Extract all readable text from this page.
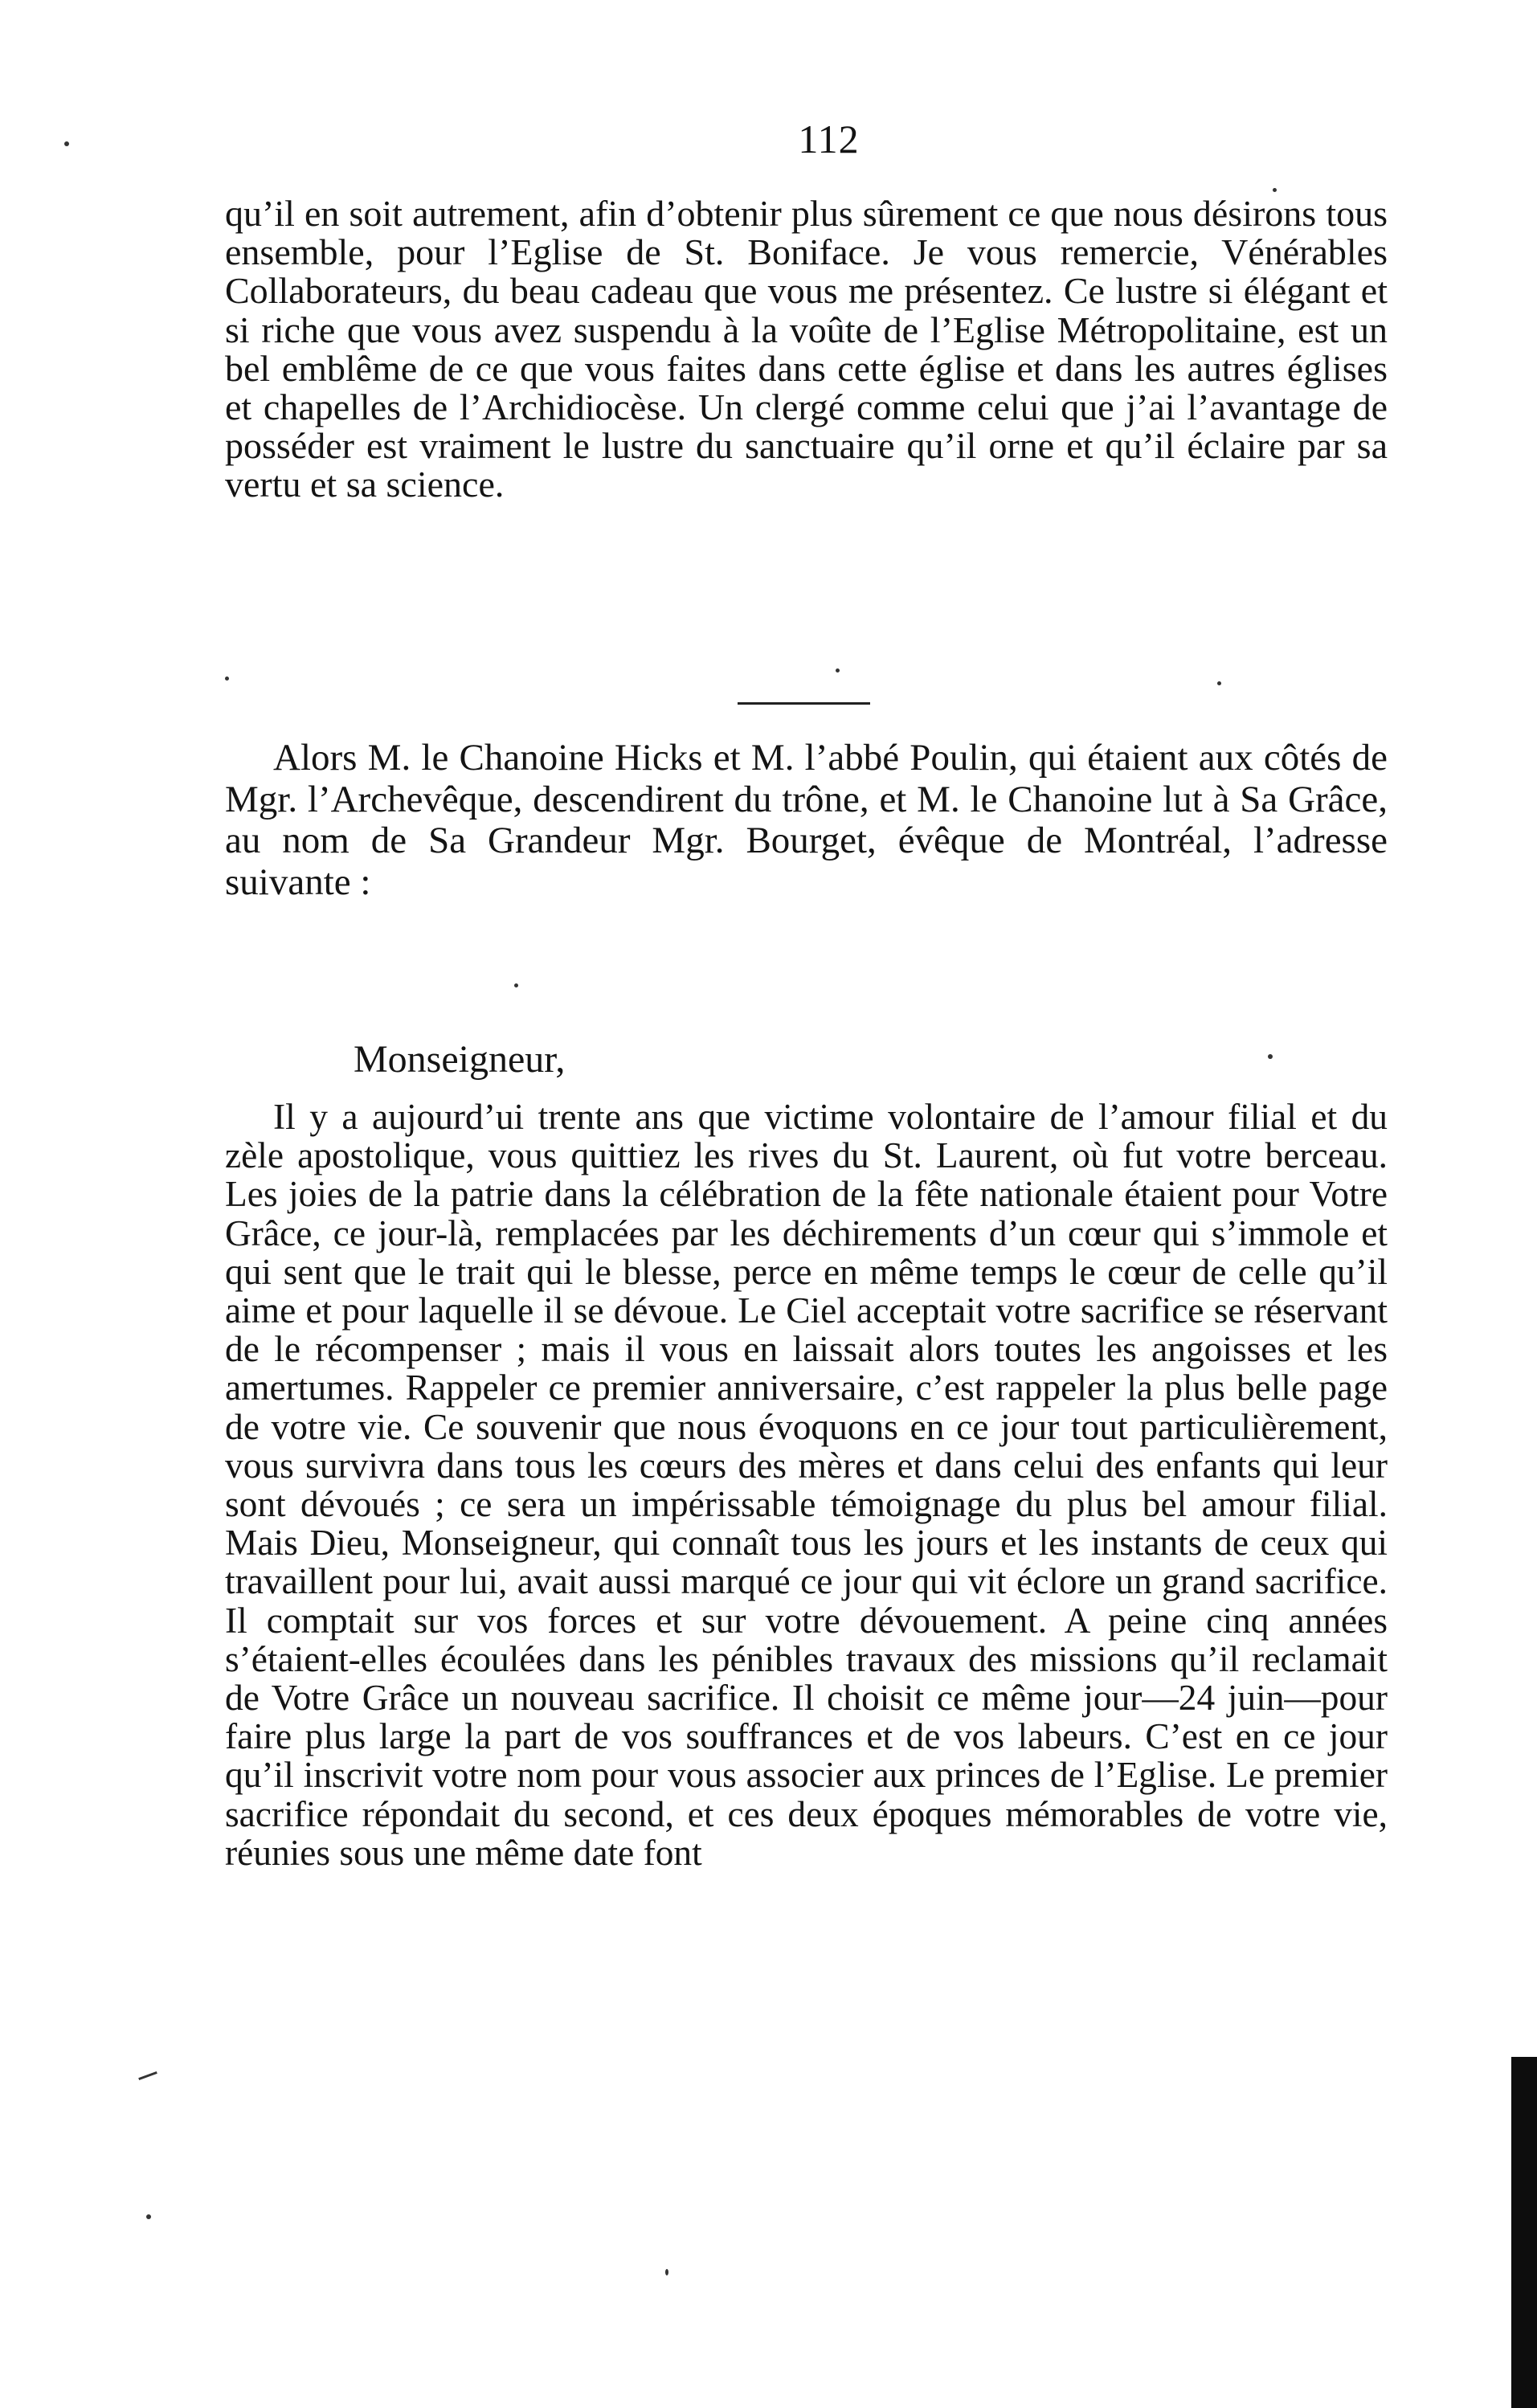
112

qu’il en soit autrement, afin d’obtenir plus sûrement ce que nous désirons tous ensemble, pour l’Eglise de St. Boniface. Je vous remercie, Vénérables Collaborateurs, du beau cadeau que vous me présentez. Ce lustre si élégant et si riche que vous avez suspendu à la voûte de l’Eglise Métropolitaine, est un bel emblême de ce que vous faites dans cette église et dans les autres églises et chapelles de l’Archidiocèse. Un clergé comme celui que j’ai l’avantage de posséder est vraiment le lustre du sanctuaire qu’il orne et qu’il éclaire par sa vertu et sa science.

Alors M. le Chanoine Hicks et M. l’abbé Poulin, qui étaient aux côtés de Mgr. l’Archevêque, descendirent du trône, et M. le Chanoine lut à Sa Grâce, au nom de Sa Grandeur Mgr. Bourget, évêque de Montréal, l’adresse suivante :

Monseigneur,

Il y a aujourd’ui trente ans que victime volontaire de l’amour filial et du zèle apostolique, vous quittiez les rives du St. Laurent, où fut votre berceau. Les joies de la patrie dans la célébration de la fête nationale étaient pour Votre Grâce, ce jour-là, remplacées par les déchirements d’un cœur qui s’immole et qui sent que le trait qui le blesse, perce en même temps le cœur de celle qu’il aime et pour laquelle il se dévoue. Le Ciel acceptait votre sacrifice se réservant de le récompenser ; mais il vous en laissait alors toutes les angoisses et les amertumes. Rappeler ce premier anniversaire, c’est rappeler la plus belle page de votre vie. Ce souvenir que nous évoquons en ce jour tout particulièrement, vous survivra dans tous les cœurs des mères et dans celui des enfants qui leur sont dévoués ; ce sera un impérissable témoignage du plus bel amour filial. Mais Dieu, Monseigneur, qui connaît tous les jours et les instants de ceux qui travaillent pour lui, avait aussi marqué ce jour qui vit éclore un grand sacrifice. Il comptait sur vos forces et sur votre dévouement. A peine cinq années s’étaient-elles écoulées dans les pénibles travaux des missions qu’il reclamait de Votre Grâce un nouveau sacrifice. Il choisit ce même jour—24 juin—pour faire plus large la part de vos souffrances et de vos labeurs. C’est en ce jour qu’il inscrivit votre nom pour vous associer aux princes de l’Eglise. Le premier sacrifice répondait du second, et ces deux époques mémorables de votre vie, réunies sous une même date font
